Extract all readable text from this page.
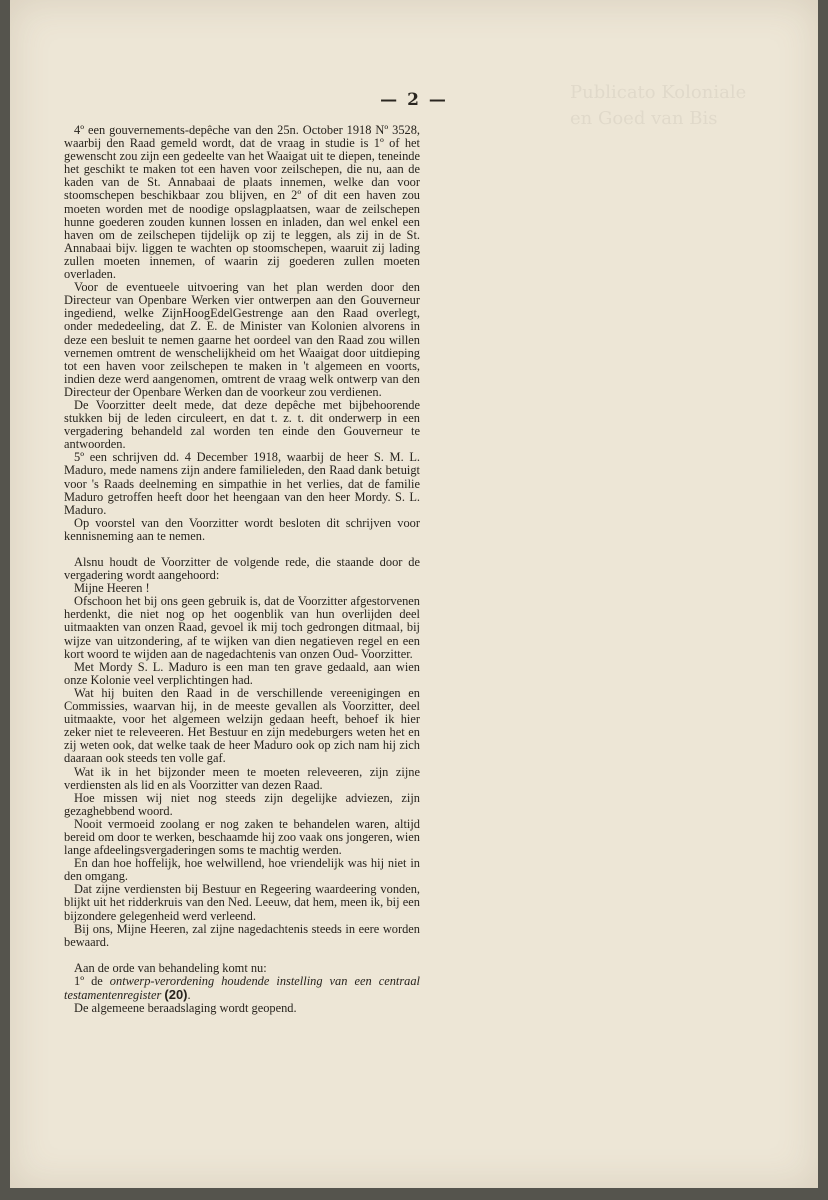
Publicato Koloniale
en Goed van Bis
— 2 —

4º een gouvernements-depêche van den 25n. October 1918 Nº 3528, waarbij den Raad gemeld wordt, dat de vraag in studie is 1º of het gewenscht zou zijn een gedeelte van het Waaigat uit te diepen, teneinde het geschikt te maken tot een haven voor zeilschepen, die nu, aan de kaden van de St. Annabaai de plaats innemen, welke dan voor stoomschepen beschikbaar zou blijven, en 2º of dit een haven zou moeten worden met de noodige opslagplaatsen, waar de zeilschepen hunne goederen zouden kunnen lossen en inladen, dan wel enkel een haven om de zeilschepen tijdelijk op zij te leggen, als zij in de St. Annabaai bijv. liggen te wachten op stoomschepen, waaruit zij lading zullen moeten innemen, of waarin zij goederen zullen moeten overladen.

Voor de eventueele uitvoering van het plan werden door den Directeur van Openbare Werken vier ontwerpen aan den Gouverneur ingediend, welke ZijnHoogEdelGestrenge aan den Raad overlegt, onder mededeeling, dat Z. E. de Minister van Kolonien alvorens in deze een besluit te nemen gaarne het oordeel van den Raad zou willen vernemen omtrent de wenschelijkheid om het Waaigat door uitdieping tot een haven voor zeilschepen te maken in 't algemeen en voorts, indien deze werd aangenomen, omtrent de vraag welk ontwerp van den Directeur der Openbare Werken dan de voorkeur zou verdienen.

De Voorzitter deelt mede, dat deze depêche met bijbehoorende stukken bij de leden circuleert, en dat t. z. t. dit onderwerp in een vergadering behandeld zal worden ten einde den Gouverneur te antwoorden.

5º een schrijven dd. 4 December 1918, waarbij de heer S. M. L. Maduro, mede namens zijn andere familieleden, den Raad dank betuigt voor 's Raads deelneming en simpathie in het verlies, dat de familie Maduro getroffen heeft door het heengaan van den heer Mordy. S. L. Maduro.

Op voorstel van den Voorzitter wordt besloten dit schrijven voor kennisneming aan te nemen.

Alsnu houdt de Voorzitter de volgende rede, die staande door de vergadering wordt aangehoord:

Mijne Heeren !

Ofschoon het bij ons geen gebruik is, dat de Voorzitter afgestorvenen herdenkt, die niet nog op het oogenblik van hun overlijden deel uitmaakten van onzen Raad, gevoel ik mij toch gedrongen ditmaal, bij wijze van uitzondering, af te wijken van dien negatieven regel en een kort woord te wijden aan de nagedachtenis van onzen Oud- Voorzitter.

Met Mordy S. L. Maduro is een man ten grave gedaald, aan wien onze Kolonie veel verplichtingen had.

Wat hij buiten den Raad in de verschillende vereenigingen en Commissies, waarvan hij, in de meeste gevallen als Voorzitter, deel uitmaakte, voor het algemeen welzijn gedaan heeft, behoef ik hier zeker niet te releveeren. Het Bestuur en zijn medeburgers weten het en zij weten ook, dat welke taak de heer Maduro ook op zich nam hij zich daaraan ook steeds ten volle gaf.

Wat ik in het bijzonder meen te moeten releveeren, zijn zijne verdiensten als lid en als Voorzitter van dezen Raad.

Hoe missen wij niet nog steeds zijn degelijke adviezen, zijn gezaghebbend woord.

Nooit vermoeid zoolang er nog zaken te behandelen waren, altijd bereid om door te werken, beschaamde hij zoo vaak ons jongeren, wien lange afdeelingsvergaderingen soms te machtig werden.

En dan hoe hoffelijk, hoe welwillend, hoe vriendelijk was hij niet in den omgang.

Dat zijne verdiensten bij Bestuur en Regeering waardeering vonden, blijkt uit het ridderkruis van den Ned. Leeuw, dat hem, meen ik, bij een bijzondere gelegenheid werd verleend.

Bij ons, Mijne Heeren, zal zijne nagedachtenis steeds in eere worden bewaard.

Aan de orde van behandeling komt nu:

1º de ontwerp-verordening houdende instelling van een centraal testamentenregister (20).

De algemeene beraadslaging wordt geopend.
